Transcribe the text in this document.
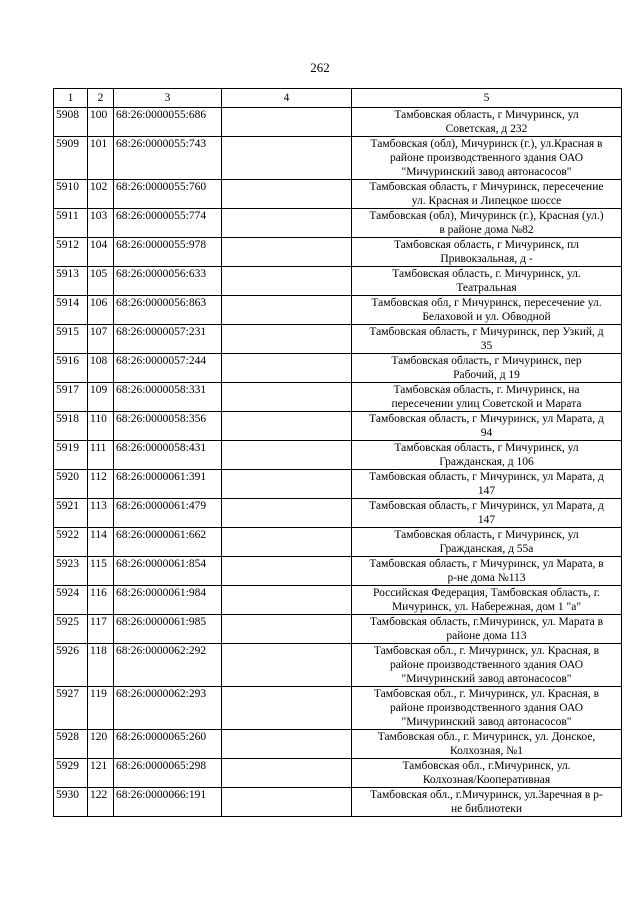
262
1	2	3	4	5
5908	100	68:26:0000055:686		Тамбовская область, г Мичуринск, ул
Советская, д 232

5909	101	68:26:0000055:743		Тамбовская (обл), Мичуринск (г.), ул.Красная в
районе производственного здания ОАО
"Мичуринский завод автонасосов"

5910	102	68:26:0000055:760		Тамбовская область, г Мичуринск, пересечение
ул. Красная и Липецкое шоссе

5911	103	68:26:0000055:774		Тамбовская (обл), Мичуринск (г.), Красная (ул.)
в районе дома №82

5912	104	68:26:0000055:978		Тамбовская область, г Мичуринск, пл
Привокзальная, д -

5913	105	68:26:0000056:633		Тамбовская область, г. Мичуринск, ул.
Театральная

5914	106	68:26:0000056:863		Тамбовская обл, г Мичуринск, пересечение ул.
Белаховой и ул. Обводной

5915	107	68:26:0000057:231		Тамбовская область, г Мичуринск, пер Узкий, д
35

5916	108	68:26:0000057:244		Тамбовская область, г Мичуринск, пер
Рабочий, д 19

5917	109	68:26:0000058:331		Тамбовская область, г. Мичуринск, на
пересечении улиц Советской и Марата

5918	110	68:26:0000058:356		Тамбовская область, г Мичуринск, ул Марата, д
94

5919	111	68:26:0000058:431		Тамбовская область, г Мичуринск, ул
Гражданская, д 106

5920	112	68:26:0000061:391		Тамбовская область, г Мичуринск, ул Марата, д
147

5921	113	68:26:0000061:479		Тамбовская область, г Мичуринск, ул Марата, д
147

5922	114	68:26:0000061:662		Тамбовская область, г Мичуринск, ул
Гражданская, д 55а

5923	115	68:26:0000061:854		Тамбовская область, г Мичуринск, ул Марата, в
р-не дома №113

5924	116	68:26:0000061:984		Российская Федерация, Тамбовская область, г.
Мичуринск, ул. Набережная, дом 1 "а"

5925	117	68:26:0000061:985		Тамбовская область, г.Мичуринск, ул. Марата в
районе дома 113

5926	118	68:26:0000062:292		Тамбовская обл., г. Мичуринск, ул. Красная, в
районе производственного здания ОАО
"Мичуринский завод автонасосов"

5927	119	68:26:0000062:293		Тамбовская обл., г. Мичуринск, ул. Красная, в
районе производственного здания ОАО
"Мичуринский завод автонасосов"

5928	120	68:26:0000065:260		Тамбовская обл., г. Мичуринск, ул. Донское,
Колхозная, №1

5929	121	68:26:0000065:298		Тамбовская обл., г.Мичуринск, ул.
Колхозная/Кооперативная

5930	122	68:26:0000066:191		Тамбовская обл., г.Мичуринск, ул.Заречная в р-
не библиотеки
